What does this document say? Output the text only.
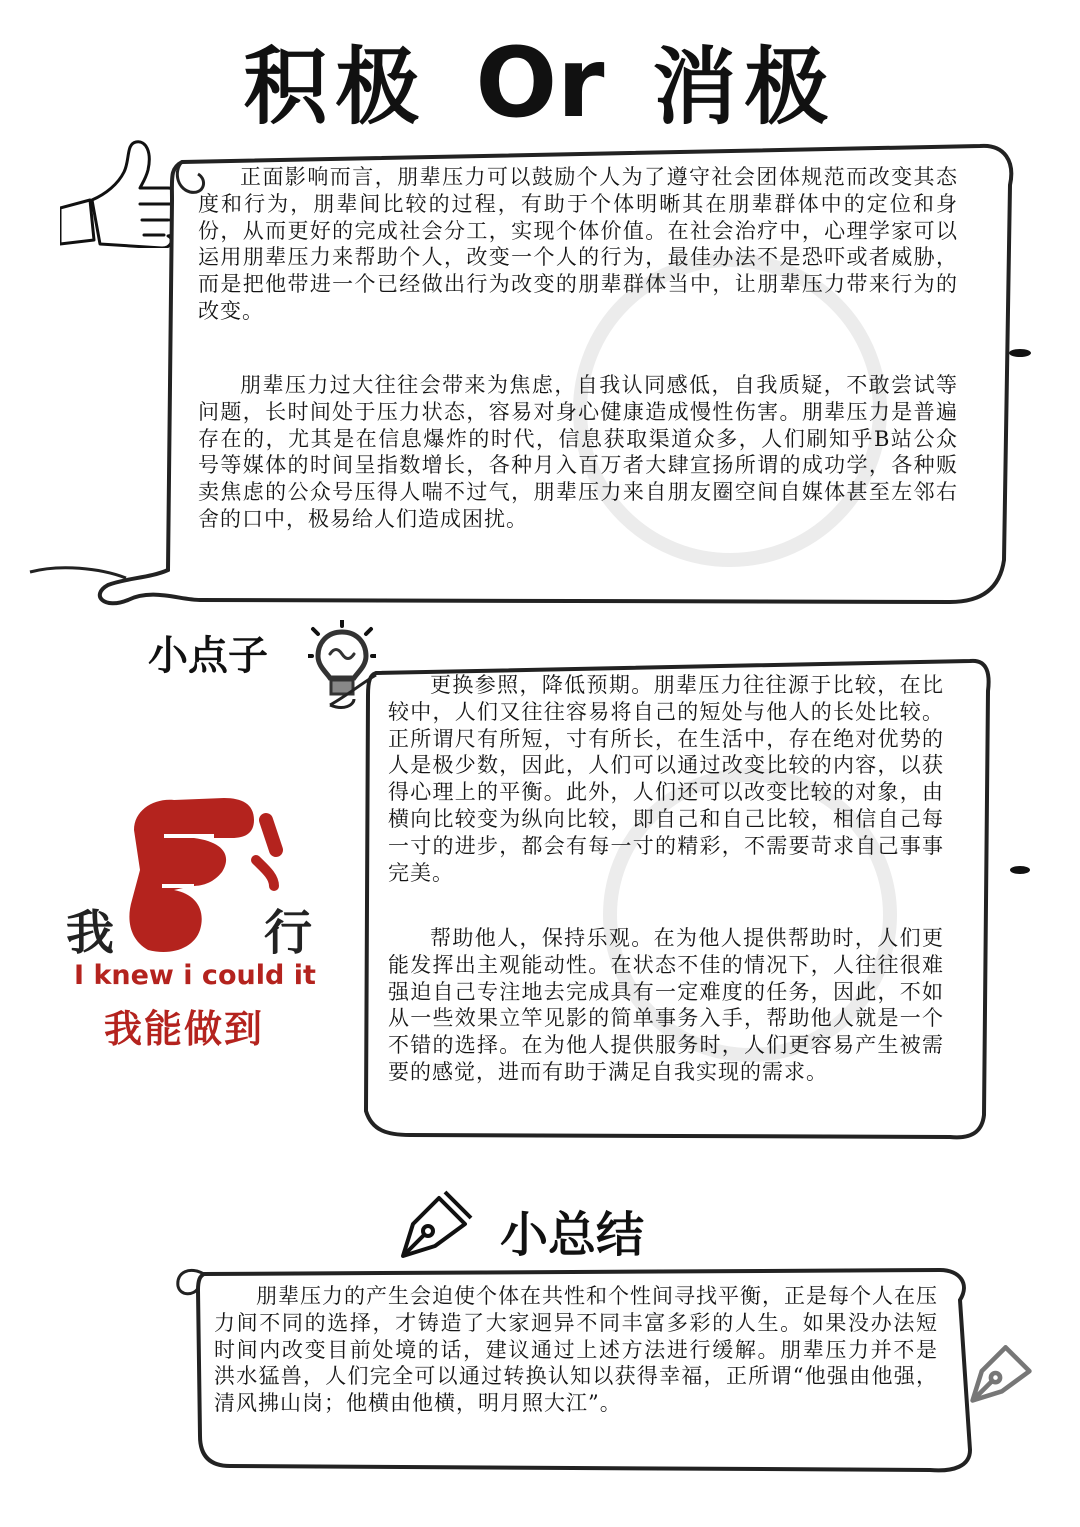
积极 Or 消极

正面影响而言，朋辈压力可以鼓励个人为了遵守社会团体规范而改变其态度和行为，朋辈间比较的过程，有助于个体明晰其在朋辈群体中的定位和身份，从而更好的完成社会分工，实现个体价值。在社会治疗中，心理学家可以运用朋辈压力来帮助个人，改变一个人的行为，最佳办法不是恐吓或者威胁，而是把他带进一个已经做出行为改变的朋辈群体当中，让朋辈压力带来行为的改变。

朋辈压力过大往往会带来为焦虑，自我认同感低，自我质疑，不敢尝试等问题，长时间处于压力状态，容易对身心健康造成慢性伤害。朋辈压力是普遍存在的，尤其是在信息爆炸的时代，信息获取渠道众多，人们刷知乎B站公众号等媒体的时间呈指数增长，各种月入百万者大肆宣扬所谓的成功学，各种贩卖焦虑的公众号压得人喘不过气，朋辈压力来自朋友圈空间自媒体甚至左邻右舍的口中，极易给人们造成困扰。

小点子

更换参照，降低预期。朋辈压力往往源于比较，在比较中，人们又往往容易将自己的短处与他人的长处比较。正所谓尺有所短，寸有所长，在生活中，存在绝对优势的人是极少数，因此，人们可以通过改变比较的内容，以获得心理上的平衡。此外，人们还可以改变比较的对象，由横向比较变为纵向比较，即自己和自己比较，相信自己每一寸的进步，都会有每一寸的精彩，不需要苛求自己事事完美。

帮助他人，保持乐观。在为他人提供帮助时，人们更能发挥出主观能动性。在状态不佳的情况下，人往往很难强迫自己专注地去完成具有一定难度的任务，因此，不如从一些效果立竿见影的简单事务入手，帮助他人就是一个不错的选择。在为他人提供服务时，人们更容易产生被需要的感觉，进而有助于满足自我实现的需求。

我	行
I knew i could it
我能做到
小总结

朋辈压力的产生会迫使个体在共性和个性间寻找平衡，正是每个人在压力间不同的选择，才铸造了大家迥异不同丰富多彩的人生。如果没办法短时间内改变目前处境的话，建议通过上述方法进行缓解。朋辈压力并不是洪水猛兽，人们完全可以通过转换认知以获得幸福，正所谓“他强由他强，清风拂山岗；他横由他横，明月照大江”。
